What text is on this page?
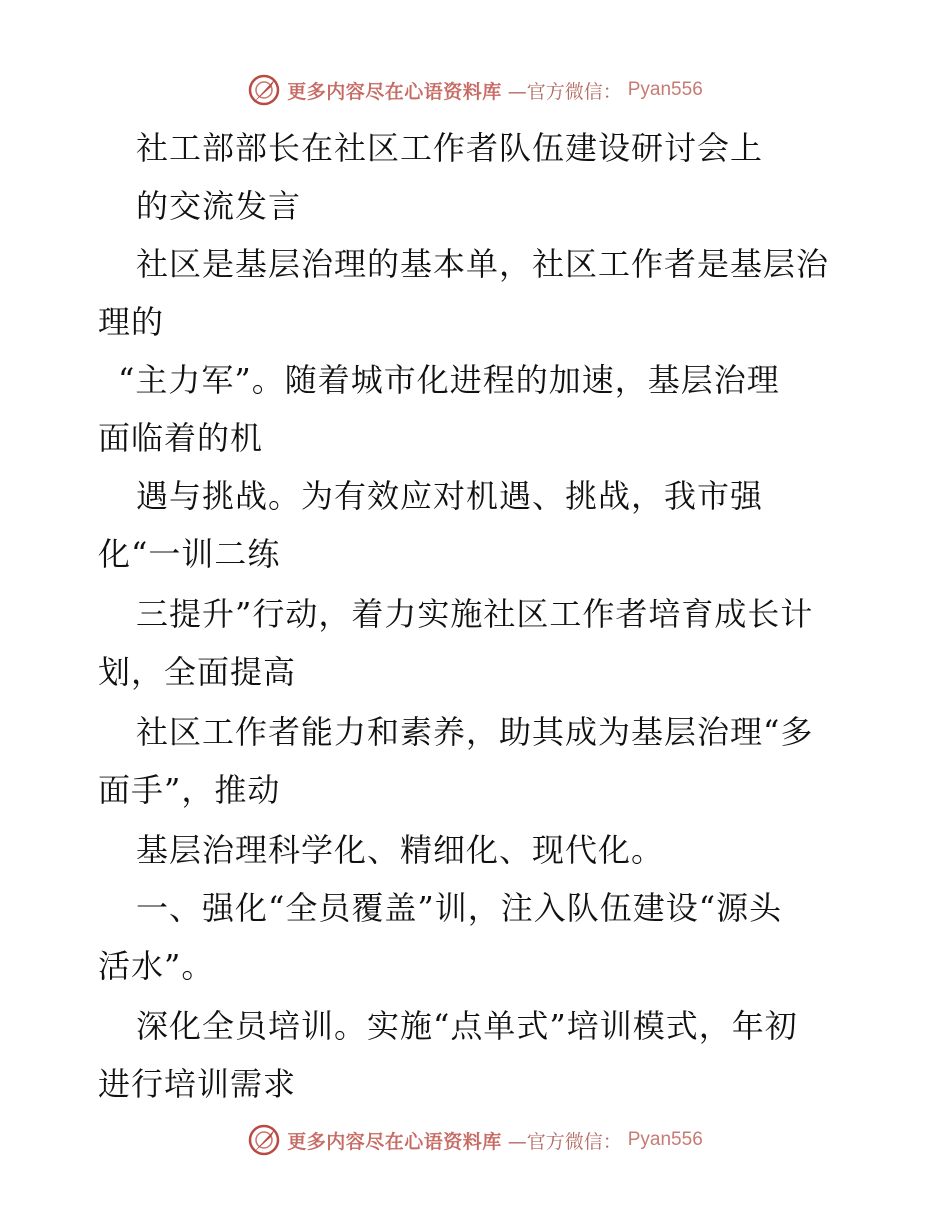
更多内容尽在心语资料库 —官方微信： Pyan556
社工部部长在社区工作者队伍建设研讨会上
的交流发言
社区是基层治理的基本单，社区工作者是基层治
理的
“主力军”。随着城市化进程的加速，基层治理
面临着的机
遇与挑战。为有效应对机遇、挑战，我市强
化“一训二练
三提升”行动，着力实施社区工作者培育成长计
划，全面提高
社区工作者能力和素养，助其成为基层治理“多
面手”，推动
基层治理科学化、精细化、现代化。
一、强化“全员覆盖”训，注入队伍建设“源头
活水”。
深化全员培训。实施“点单式”培训模式，年初
进行培训需求
更多内容尽在心语资料库 —官方微信： Pyan556
